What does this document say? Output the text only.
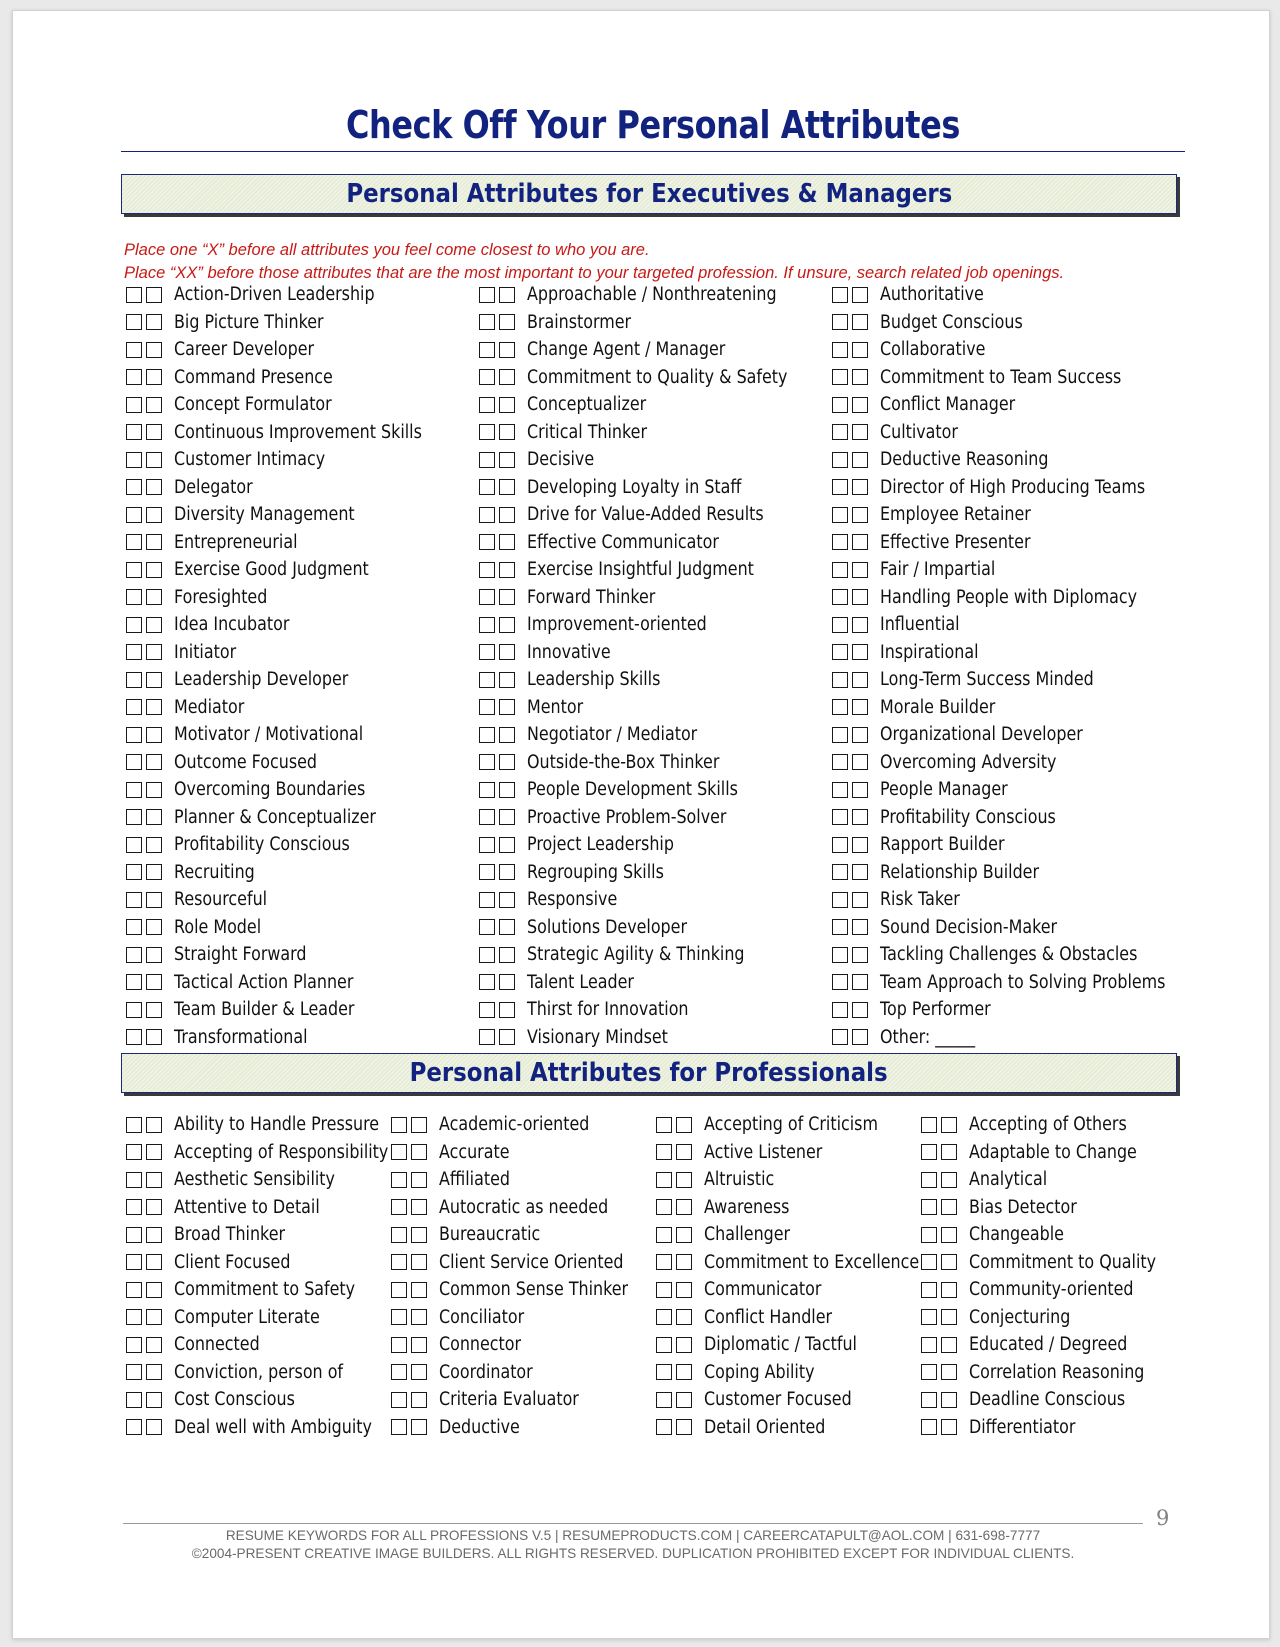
Check Off Your Personal Attributes
Personal Attributes for Executives & Managers
Place one “X” before all attributes you feel come closest to who you are.
Place “XX” before those attributes that are the most important to your targeted profession. If unsure, search related job openings.
Action-Driven Leadership
Big Picture Thinker
Career Developer
Command Presence
Concept Formulator
Continuous Improvement Skills
Customer Intimacy
Delegator
Diversity Management
Entrepreneurial
Exercise Good Judgment
Foresighted
Idea Incubator
Initiator
Leadership Developer
Mediator
Motivator / Motivational
Outcome Focused
Overcoming Boundaries
Planner & Conceptualizer
Profitability Conscious
Recruiting
Resourceful
Role Model
Straight Forward
Tactical Action Planner
Team Builder & Leader
Transformational
Approachable / Nonthreatening
Brainstormer
Change Agent / Manager
Commitment to Quality & Safety
Conceptualizer
Critical Thinker
Decisive
Developing Loyalty in Staff
Drive for Value-Added Results
Effective Communicator
Exercise Insightful Judgment
Forward Thinker
Improvement-oriented
Innovative
Leadership Skills
Mentor
Negotiator / Mediator
Outside-the-Box Thinker
People Development Skills
Proactive Problem-Solver
Project Leadership
Regrouping Skills
Responsive
Solutions Developer
Strategic Agility & Thinking
Talent Leader
Thirst for Innovation
Visionary Mindset
Authoritative
Budget Conscious
Collaborative
Commitment to Team Success
Conflict Manager
Cultivator
Deductive Reasoning
Director of High Producing Teams
Employee Retainer
Effective Presenter
Fair / Impartial
Handling People with Diplomacy
Influential
Inspirational
Long-Term Success Minded
Morale Builder
Organizational Developer
Overcoming Adversity
People Manager
Profitability Conscious
Rapport Builder
Relationship Builder
Risk Taker
Sound Decision-Maker
Tackling Challenges & Obstacles
Team Approach to Solving Problems
Top Performer
Other: _____
Personal Attributes for Professionals
Ability to Handle Pressure
Accepting of Responsibility
Aesthetic Sensibility
Attentive to Detail
Broad Thinker
Client Focused
Commitment to Safety
Computer Literate
Connected
Conviction, person of
Cost Conscious
Deal well with Ambiguity
Academic-oriented
Accurate
Affiliated
Autocratic as needed
Bureaucratic
Client Service Oriented
Common Sense Thinker
Conciliator
Connector
Coordinator
Criteria Evaluator
Deductive
Accepting of Criticism
Active Listener
Altruistic
Awareness
Challenger
Commitment to Excellence
Communicator
Conflict Handler
Diplomatic / Tactful
Coping Ability
Customer Focused
Detail Oriented
Accepting of Others
Adaptable to Change
Analytical
Bias Detector
Changeable
Commitment to Quality
Community-oriented
Conjecturing
Educated / Degreed
Correlation Reasoning
Deadline Conscious
Differentiator
RESUME KEYWORDS FOR ALL PROFESSIONS V.5 | RESUMEPRODUCTS.COM | CAREERCATAPULT@AOL.COM | 631-698-7777
©2004-PRESENT CREATIVE IMAGE BUILDERS. ALL RIGHTS RESERVED. DUPLICATION PROHIBITED EXCEPT FOR INDIVIDUAL CLIENTS.
9
